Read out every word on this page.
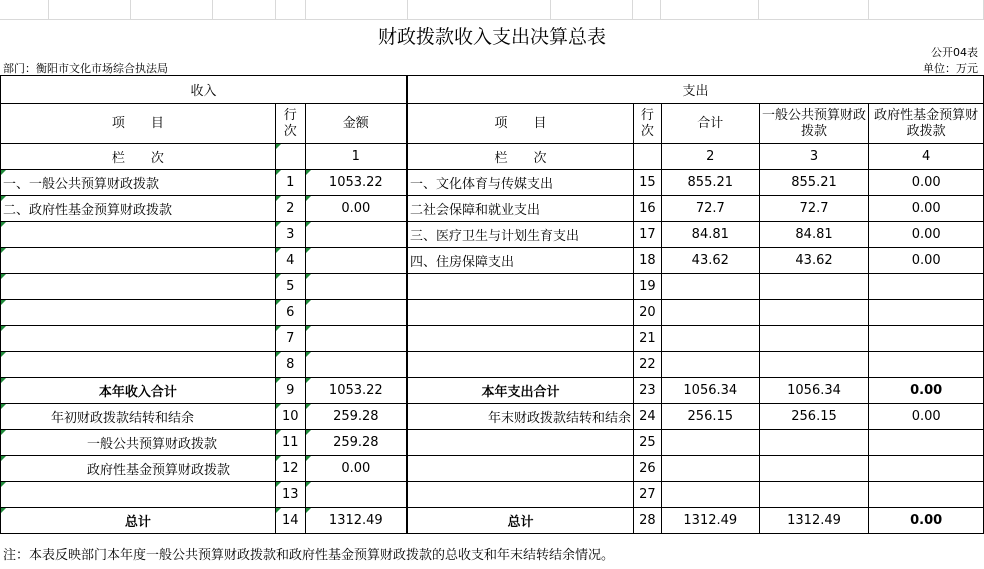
财政拨款收入支出决算总表
公开04表
部门：衡阳市文化市场综合执法局	单位：万元
收入			支出				
项　　目	行次	金额	项　　目	行次	合计	一般公共预算财政拨款	政府性基金预算财政拨款
栏　　次		1	栏　　次		2	3	4
一、一般公共预算财政拨款	1	1053.22	一、文化体育与传媒支出	15	855.21	855.21	0.00
二、政府性基金预算财政拨款	2	0.00	二社会保障和就业支出	16	72.7	72.7	0.00
	3		三、医疗卫生与计划生育支出	17	84.81	84.81	0.00
	4		四、住房保障支出	18	43.62	43.62	0.00
	5			19			
	6			20			
	7			21			
	8			22			
本年收入合计	9	1053.22	本年支出合计	23	1056.34	1056.34	0.00
年初财政拨款结转和结余	10	259.28	年末财政拨款结转和结余	24	256.15	256.15	0.00
一般公共预算财政拨款	11	259.28		25			
政府性基金预算财政拨款	12	0.00		26			
	13			27			
总计	14	1312.49	总计	28	1312.49	1312.49	0.00
注：本表反映部门本年度一般公共预算财政拨款和政府性基金预算财政拨款的总收支和年末结转结余情况。
